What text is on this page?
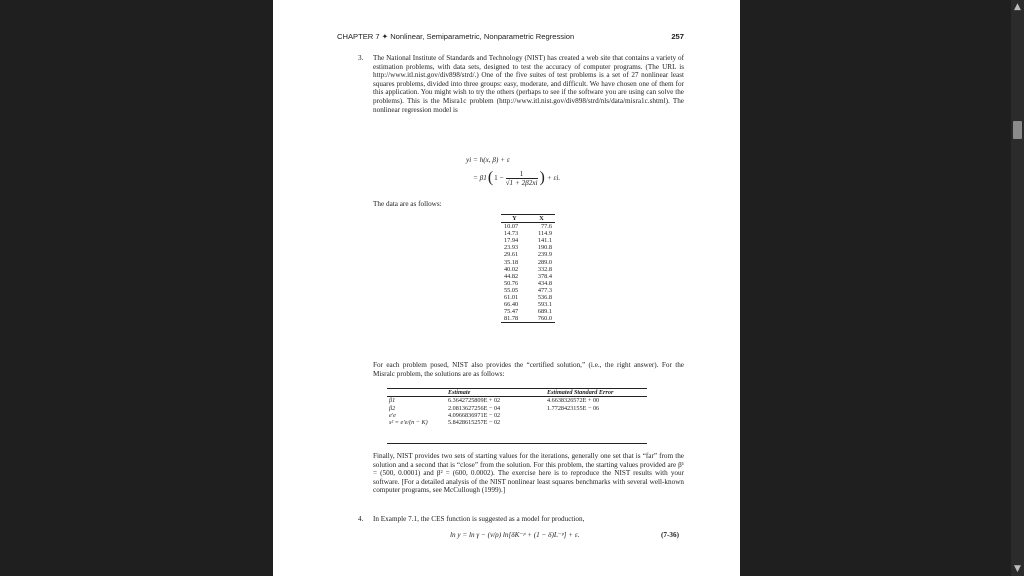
CHAPTER 7 ✦ Nonlinear, Semiparametric, Nonparametric Regression	257
3. The National Institute of Standards and Technology (NIST) has created a web site that contains a variety of estimation problems, with data sets, designed to test the accuracy of computer programs. (The URL is http://www.itl.nist.gov/div898/strd/.) One of the five suites of test problems is a set of 27 nonlinear least squares problems, divided into three groups: easy, moderate, and difficult. We have chosen one of them for this application. You might wish to try the others (perhaps to see if the software you are using can solve the problems). This is the Misra1c problem (http://www.itl.nist.gov/div898/strd/nls/data/misra1c.shtml). The nonlinear regression model is
yi = h(x, β) + ε
= β1 ( $1 - \frac{1}{√1 + 2\beta 2xi}$ ) + εi.
The data are as follows:
Y	X
10.07	77.6
14.73	114.9
17.94	141.1
23.93	190.8
29.61	239.9
35.18	289.0
40.02	332.8
44.82	378.4
50.76	434.8
55.05	477.3
61.01	536.8
66.40	593.1
75.47	689.1
81.78	760.0
For each problem posed, NIST also provides the “certified solution,” (i.e., the right answer). For the Misralc problem, the solutions are as follows:
	Estimate	Estimated Standard Error
β1	6.3642725809E + 02	4.6638326572E + 00
β2	2.0813627256E − 04	1.7728423155E − 06
e′e	4.0966836971E − 02	
s² = e′e/(n − K)	5.8428615257E − 02	
Finally, NIST provides two sets of starting values for the iterations, generally one set that is “far” from the solution and a second that is “close” from the solution. For this problem, the starting values provided are β¹ = (500, 0.0001) and β² = (600, 0.0002). The exercise here is to reproduce the NIST results with your software. [For a detailed analysis of the NIST nonlinear least squares benchmarks with several well-known computer programs, see McCullough (1999).]
4. In Example 7.1, the CES function is suggested as a model for production,
ln y = ln γ − (ν/ρ) ln[δK⁻ᵖ + (1 − δ)L⁻ᵖ] + ε.	(7-36)
▲
▼
